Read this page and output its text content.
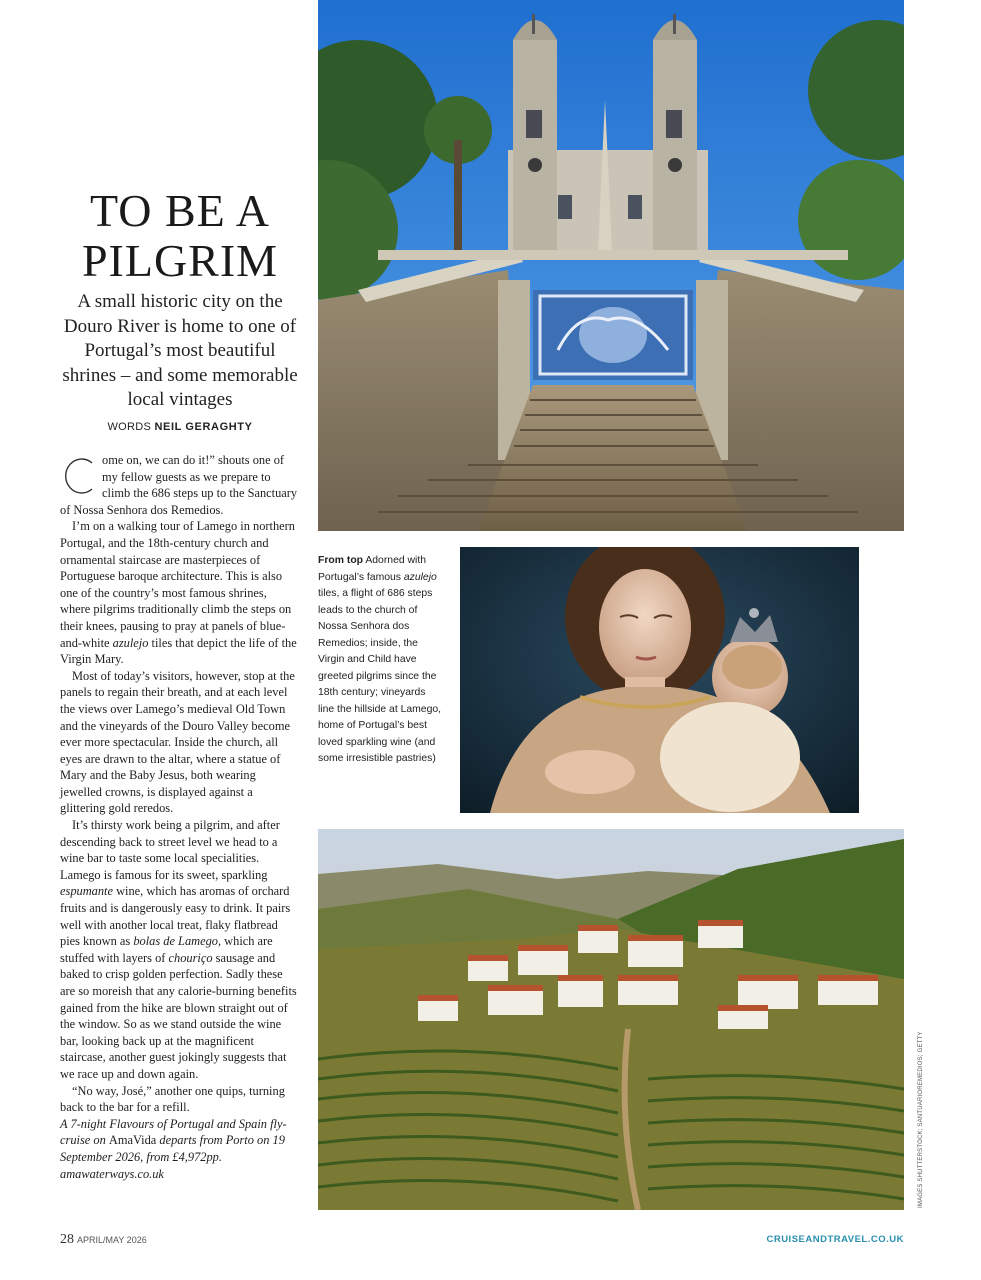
TO BE A
PILGRIM

A small historic city on the Douro River is home to one of Portugal’s most beautiful shrines – and some memorable local vintages

WORDS NEIL GERAGHTY

ome on, we can do it!” shouts one of my fellow guests as we prepare to climb the 686 steps up to the Sanctuary of Nossa Senhora dos Remedios.

I’m on a walking tour of Lamego in northern Portugal, and the 18th-century church and ornamental staircase are masterpieces of Portuguese baroque architecture. This is also one of the country’s most famous shrines, where pilgrims traditionally climb the steps on their knees, pausing to pray at panels of blue-and-white azulejo tiles that depict the life of the Virgin Mary.

Most of today’s visitors, however, stop at the panels to regain their breath, and at each level the views over Lamego’s medieval Old Town and the vineyards of the Douro Valley become ever more spectacular. Inside the church, all eyes are drawn to the altar, where a statue of Mary and the Baby Jesus, both wearing jewelled crowns, is displayed against a glittering gold reredos.

It’s thirsty work being a pilgrim, and after descending back to street level we head to a wine bar to taste some local specialities. Lamego is famous for its sweet, sparkling espumante wine, which has aromas of orchard fruits and is dangerously easy to drink. It pairs well with another local treat, flaky flatbread pies known as bolas de Lamego, which are stuffed with layers of chouriço sausage and baked to crisp golden perfection. Sadly these are so moreish that any calorie-burning benefits gained from the hike are blown straight out of the window. So as we stand outside the wine bar, looking back up at the magnificent staircase, another guest jokingly suggests that we race up and down again.

“No way, José,” another one quips, turning back to the bar for a refill.

A 7-night Flavours of Portugal and Spain fly-cruise on AmaVida departs from Porto on 19 September 2026, from £4,972pp. amawaterways.co.uk

From top Adorned with Portugal’s famous azulejo tiles, a flight of 686 steps leads to the church of Nossa Senhora dos Remedios; inside, the Virgin and Child have greeted pilgrims since the 18th century; vineyards line the hillside at Lamego, home of Portugal’s best loved sparkling wine (and some irresistible pastries)
IMAGES SHUTTERSTOCK; SANTUARIOREMEDIOS; GETTY
28 APRIL/MAY 2026	CRUISEANDTRAVEL.CO.UK
